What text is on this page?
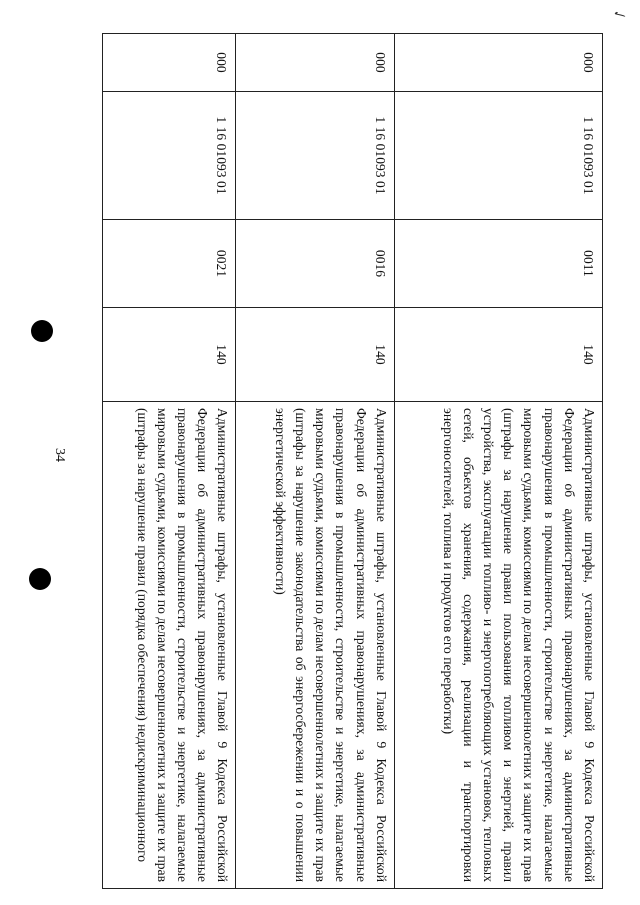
34
✓
000	1 16 01093 01	0011	140	Административные штрафы, установленные Главой 9 Кодекса Российской Федерации об административных правонарушениях, за административные правонарушения в промышленности, строительстве и энергетике, налагаемые мировыми судьями, комиссиями по делам несовершеннолетних и защите их прав (штрафы за нарушение правил пользования топливом и энергией, правил устройства, эксплуатации топливо- и энергопотребляющих установок, тепловых сетей, объектов хранения, содержания, реализации и транспортировки энергоносителей, топлива и продуктов его переработки)
000	1 16 01093 01	0016	140	Административные штрафы, установленные Главой 9 Кодекса Российской Федерации об административных правонарушениях, за административные правонарушения в промышленности, строительстве и энергетике, налагаемые мировыми судьями, комиссиями по делам несовершеннолетних и защите их прав (штрафы за нарушение законодательства об энергосбережении и о повышении энергетической эффективности)
000	1 16 01093 01	0021	140	Административные штрафы, установленные Главой 9 Кодекса Российской Федерации об административных правонарушениях, за административные правонарушения в промышленности, строительстве и энергетике, налагаемые мировыми судьями, комиссиями по делам несовершеннолетних и защите их прав (штрафы за нарушение правил (порядка обеспечения) недискриминационного
